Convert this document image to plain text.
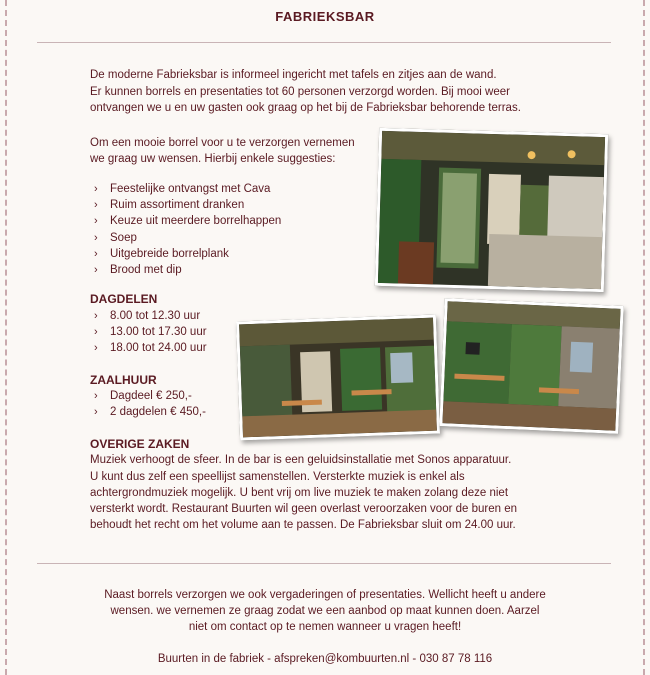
FABRIEKSBAR
De moderne Fabrieksbar is informeel ingericht met tafels en zitjes aan de wand.
Er kunnen borrels en presentaties tot 60 personen verzorgd worden. Bij mooi weer
ontvangen we u en uw gasten ook graag op het bij de Fabrieksbar behorende terras.
Om een mooie borrel voor u te verzorgen vernemen
we graag uw wensen. Hierbij enkele suggesties:
› Feestelijke ontvangst met Cava
› Ruim assortiment dranken
› Keuze uit meerdere borrelhappen
› Soep
› Uitgebreide borrelplank
› Brood met dip
DAGDELEN
› 8.00 tot 12.30 uur
› 13.00 tot 17.30 uur
› 18.00 tot 24.00 uur
ZAALHUUR
› Dagdeel € 250,-
› 2 dagdelen € 450,-
OVERIGE ZAKEN
Muziek verhoogt de sfeer. In de bar is een geluidsinstallatie met Sonos apparatuur.
U kunt dus zelf een speellijst samenstellen. Versterkte muziek is enkel als
achtergrondmuziek mogelijk. U bent vrij om live muziek te maken zolang deze niet
versterkt wordt. Restaurant Buurten wil geen overlast veroorzaken voor de buren en
behoudt het recht om het volume aan te passen. De Fabrieksbar sluit om 24.00 uur.
Naast borrels verzorgen we ook vergaderingen of presentaties. Wellicht heeft u andere
wensen. we vernemen ze graag zodat we een aanbod op maat kunnen doen. Aarzel
niet om contact op te nemen wanneer u vragen heeft!
Buurten in de fabriek - afspreken@kombuurten.nl - 030 87 78 116
